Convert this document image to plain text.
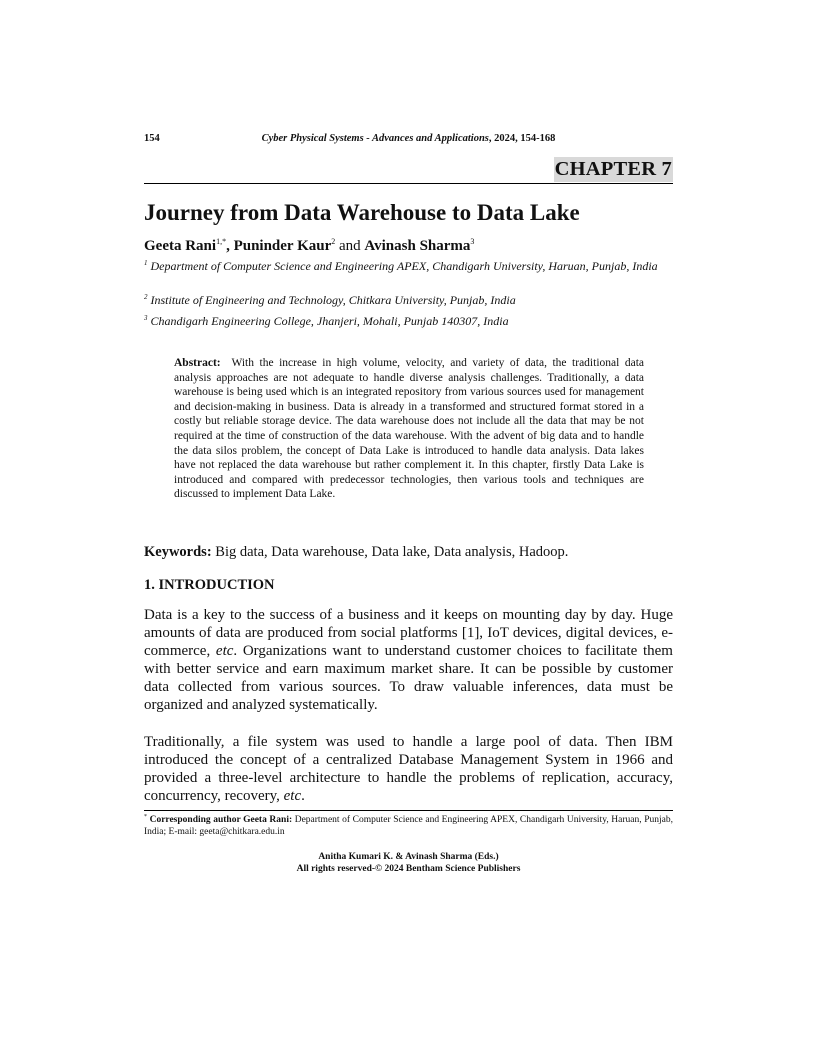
154	Cyber Physical Systems - Advances and Applications, 2024, 154-168
CHAPTER 7
Journey from Data Warehouse to Data Lake
Geeta Rani$^{1,*}$, Puninder Kaur$^2$ and Avinash Sharma$^3$
$^1$ Department of Computer Science and Engineering APEX, Chandigarh University, Haruan, Punjab, India
$^2$ Institute of Engineering and Technology, Chitkara University, Punjab, India
$^3$ Chandigarh Engineering College, Jhanjeri, Mohali, Punjab 140307, India
Abstract:  With the increase in high volume, velocity, and variety of data, the traditional data analysis approaches are not adequate to handle diverse analysis challenges. Traditionally, a data warehouse is being used which is an integrated repository from various sources used for management and decision-making in business. Data is already in a transformed and structured format stored in a costly but reliable storage device. The data warehouse does not include all the data that may be not required at the time of construction of the data warehouse. With the advent of big data and to handle the data silos problem, the concept of Data Lake is introduced to handle data analysis. Data lakes have not replaced the data warehouse but rather complement it. In this chapter, firstly Data Lake is introduced and compared with predecessor technologies, then various tools and techniques are discussed to implement Data Lake.
Keywords: Big data, Data warehouse, Data lake, Data analysis, Hadoop.
1. INTRODUCTION

Data is a key to the success of a business and it keeps on mounting day by day. Huge amounts of data are produced from social platforms [1], IoT devices, digital devices, e-commerce, etc. Organizations want to understand customer choices to facilitate them with better service and earn maximum market share. It can be possible by customer data collected from various sources. To draw valuable inferences, data must be organized and analyzed systematically.

Traditionally, a file system was used to handle a large pool of data. Then IBM introduced the concept of a centralized Database Management System in 1966 and provided a three-level architecture to handle the problems of replication, accuracy, concurrency, recovery, etc.

* Corresponding author Geeta Rani: Department of Computer Science and Engineering APEX, Chandigarh University, Haruan, Punjab, India; E-mail: geeta@chitkara.edu.in
Anitha Kumari K. & Avinash Sharma (Eds.)
All rights reserved-© 2024 Bentham Science Publishers
